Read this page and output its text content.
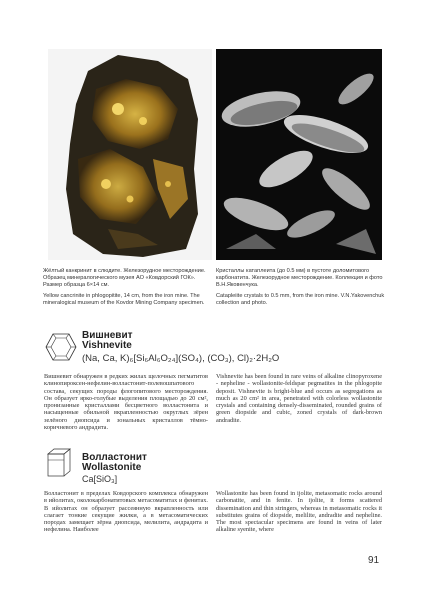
Жёлтый канкринит в слюдите. Железорудное месторождение. Образец минералогического музея АО «Ковдорский ГОК». Размер образца 6×14 см.
Yellow cancrinite in phlogopitite, 14 cm, from the iron mine. The mineralogical museum of the Kovdor Mining Company specimen.
Кристаллы катаплеита (до 0.5 мм) в пустоте доломитового карбонатита. Железорудное месторождение. Коллекция и фото В.Н.Яковенчука.
Catapleiite crystals to 0.5 mm, from the iron mine. V.N.Yakovenchuk collection and photo.
Вишневит
Vishnevite
(Na, Ca, K)₆[Si₆Al₆O₂₄](SO₄), (CO₃), Cl)₂·2H₂O
Вишневит обнаружен в редких жилах щелочных пегматитов клинопироксен-нефелин-волластонит-полевошпатового состава, секущих породы флогопитового месторождения. Он образует ярко-голубые выделения площадью до 20 см², пронизанные кристаллами бесцветного волластонита и насыщенные обильной вкрапленностью округлых зёрен зелёного диопсида и зональных кристаллов тёмно-коричневого андрадита.
Vishnevite has been found in rare veins of alkaline clinopyroxene - nepheline - wollastonite-feldspar pegmatites in the phlogopite deposit. Vishnevite is bright-blue and occurs as segregations as much as 20 cm² in area, penetrated with colorless wollastonite crystals and containing densely-disseminated, rounded grains of green diopside and cubic, zoned crystals of dark-brown andradite.
Волластонит
Wollastonite
Ca[SiO₃]
Волластонит в пределах Ковдорского комплекса обнаружен в ийолитах, околокарбонатитовых метасоматитах и фенитах. В ийолитах он образует рассеянную вкрапленность или слагает тонкие секущие жилки, а в метасоматических породах замещает зёрна диопсида, мелилита, андрадита и нефелина. Наиболее
Wollastonite has been found in ijolite, metasomatic rocks around carbonatite, and in fenite. In ijolite, it forms scattered dissemination and thin stringers, whereas in metasomatic rocks it substitutes grains of diopside, melilite, andradite and nepheline. The most spectacular specimens are found in veins of later alkaline syenite, where
91
